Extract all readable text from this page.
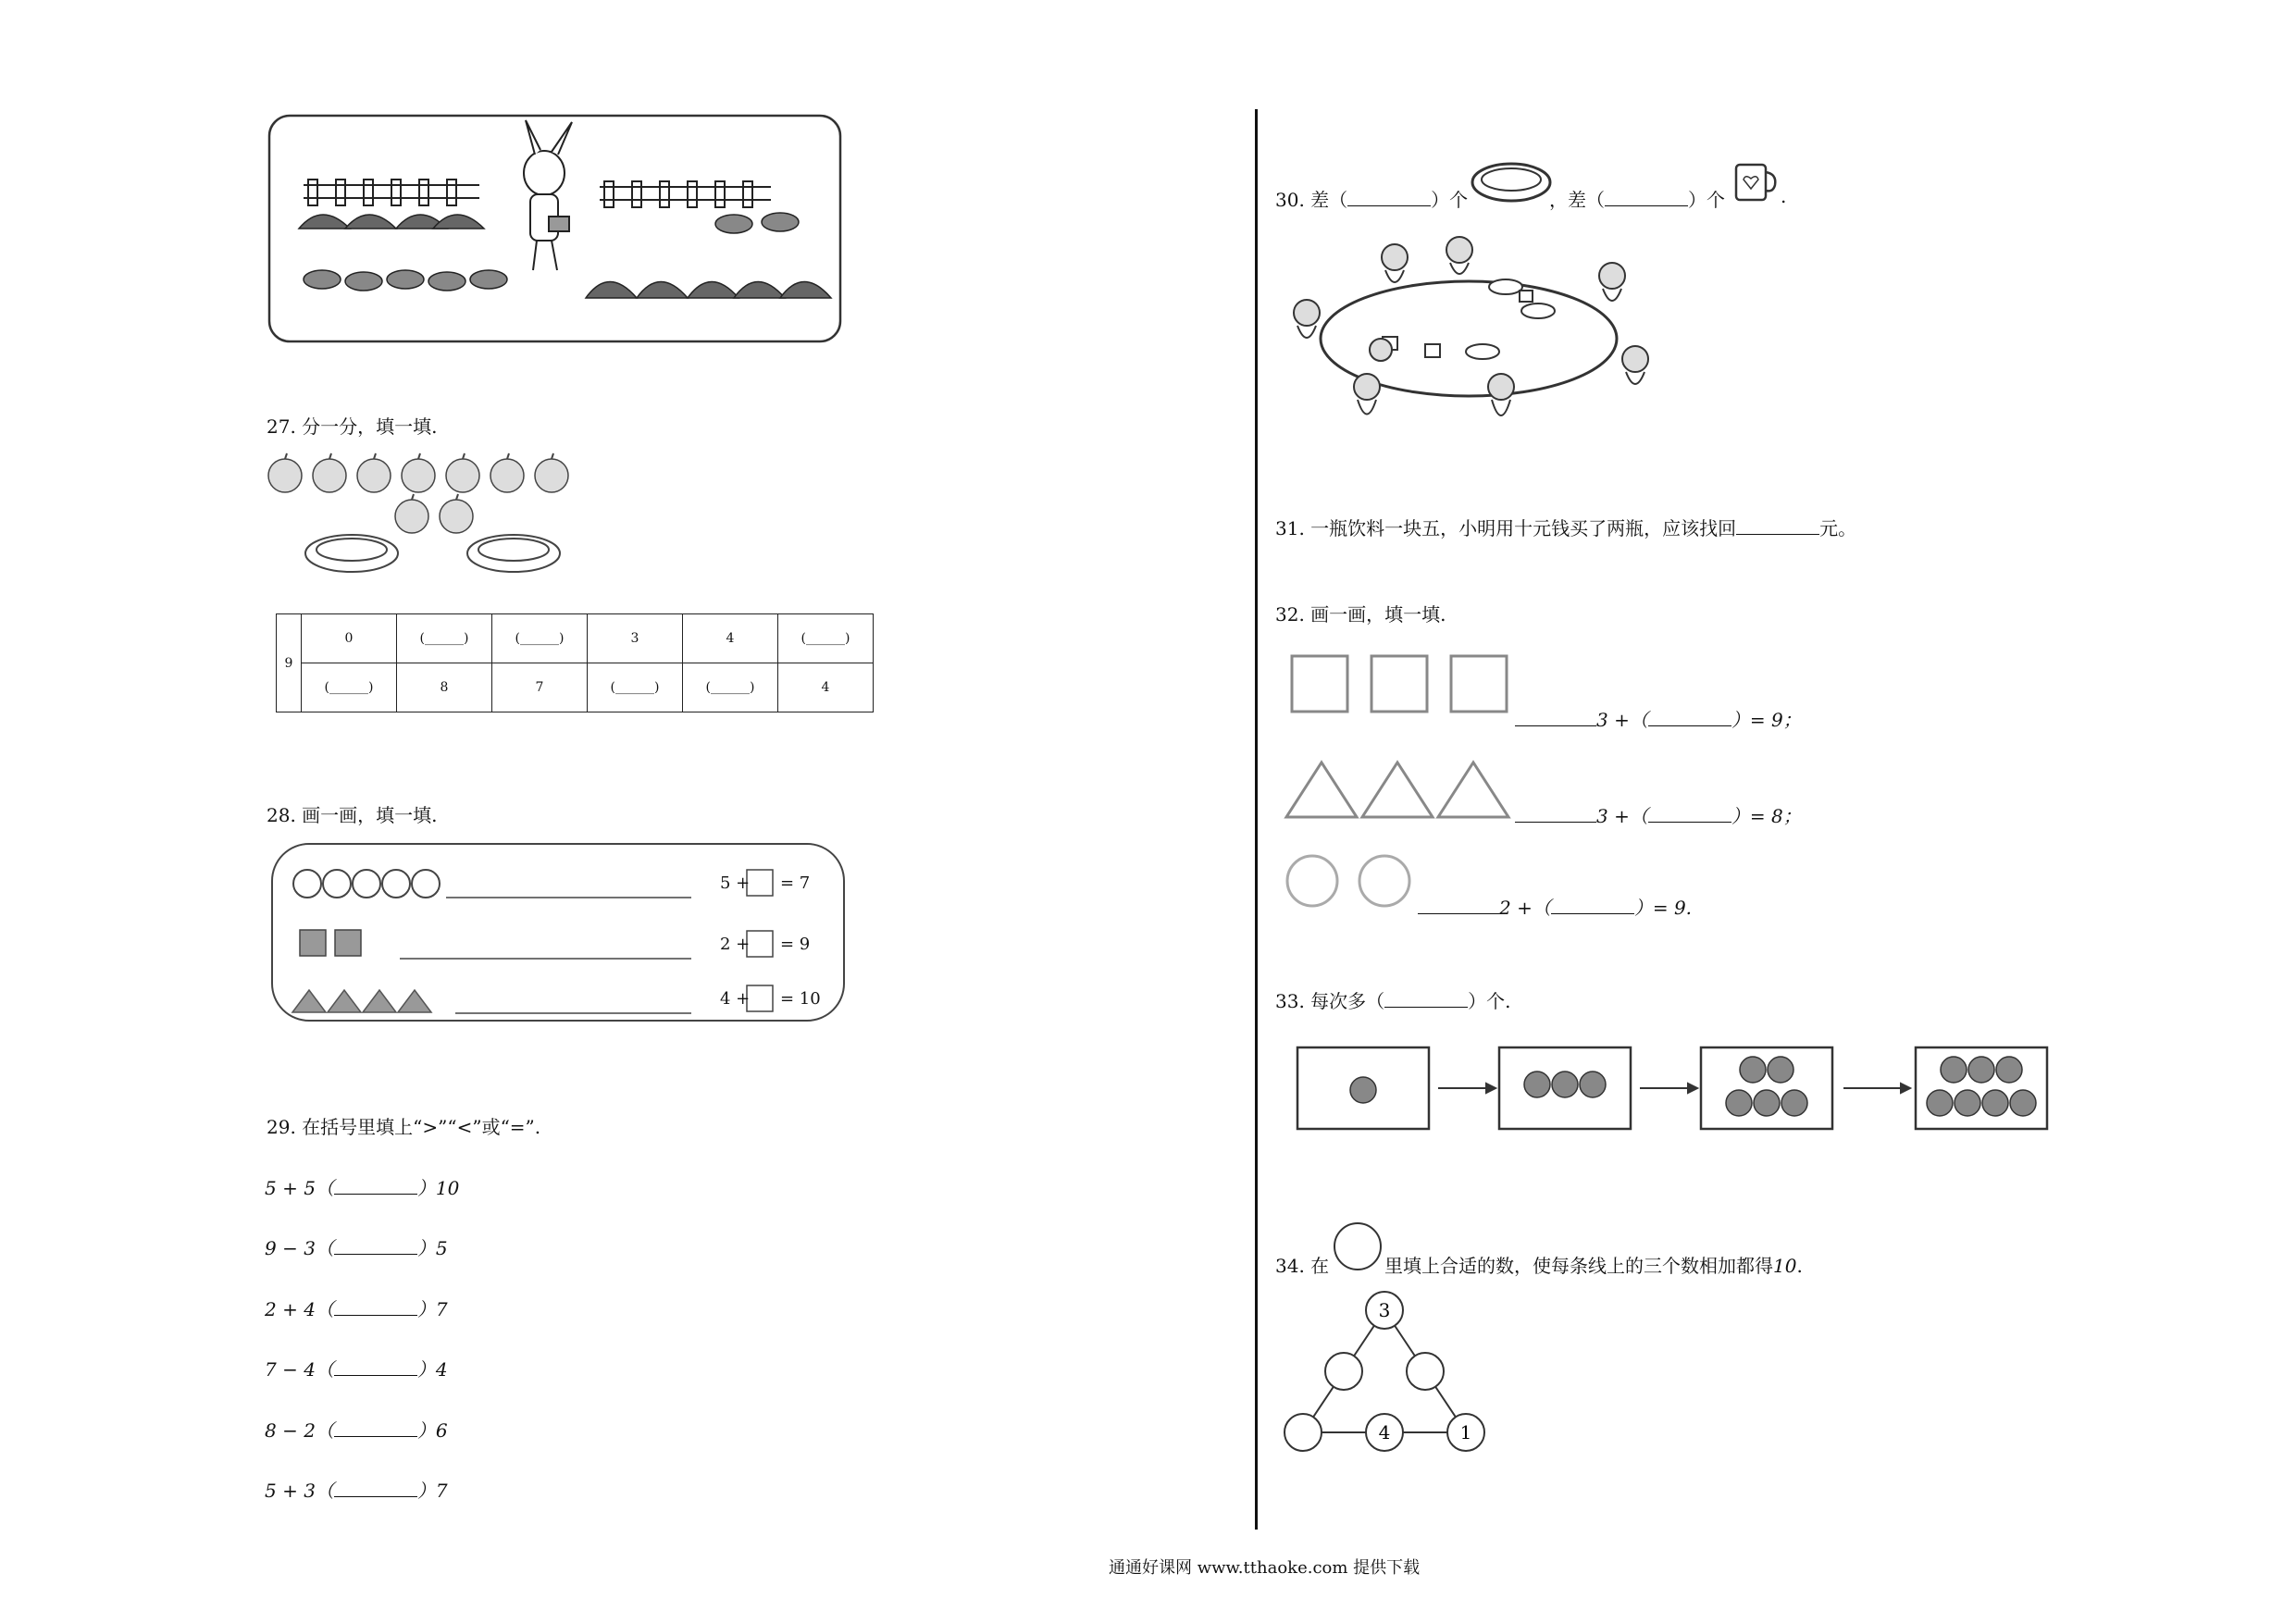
27. 分一分，填一填.
9	0	(______)	(______)	3	4	(______)
	(______)	8	7	(______)	(______)	4
28. 画一画，填一填.
5 + = 7
2 + = 9
4 + = 10
29. 在括号里填上“>”“<”或“=”.
5 + 5（	）10
9 − 3（	）5
2 + 4（	）7
7 − 4（	）4
8 − 2（	）6
5 + 3（	）7
30. 差（	）个	，差（	）个	.
31. 一瓶饮料一块五，小明用十元钱买了两瓶，应该找回	元。
32. 画一画，填一填.
3 +（	）= 9；
3 +（	）= 8；
2 +（	）= 9.
33. 每次多（	）个.
34. 在	里填上合适的数，使每条线上的三个数相加都得10.
3
4	1
通通好课网 www.tthaoke.com 提供下载
